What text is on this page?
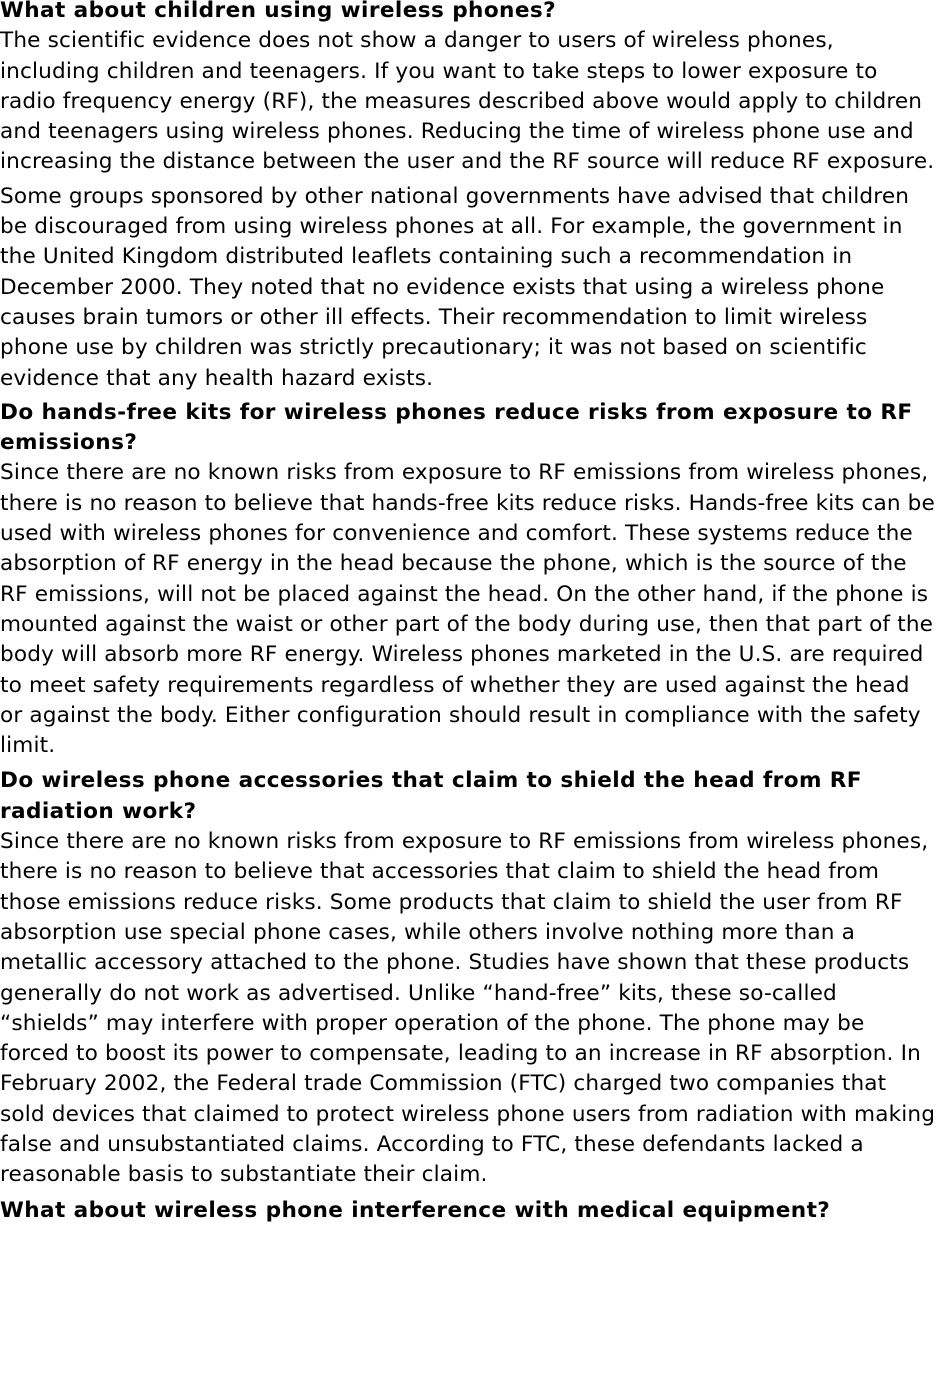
What about children using wireless phones?

The scientific evidence does not show a danger to users of wireless phones, including children and teenagers. If you want to take steps to lower exposure to radio frequency energy (RF), the measures described above would apply to children and teenagers using wireless phones. Reducing the time of wireless phone use and increasing the distance between the user and the RF source will reduce RF exposure.

Some groups sponsored by other national governments have advised that children be discouraged from using wireless phones at all. For example, the government in the United Kingdom distributed leaflets containing such a recommendation in December 2000. They noted that no evidence exists that using a wireless phone causes brain tumors or other ill effects. Their recommendation to limit wireless phone use by children was strictly precautionary; it was not based on scientific evidence that any health hazard exists.

Do hands-free kits for wireless phones reduce risks from exposure to RF emissions?

Since there are no known risks from exposure to RF emissions from wireless phones, there is no reason to believe that hands-free kits reduce risks. Hands-free kits can be used with wireless phones for convenience and comfort. These systems reduce the absorption of RF energy in the head because the phone, which is the source of the RF emissions, will not be placed against the head. On the other hand, if the phone is mounted against the waist or other part of the body during use, then that part of the body will absorb more RF energy. Wireless phones marketed in the U.S. are required to meet safety requirements regardless of whether they are used against the head or against the body. Either configuration should result in compliance with the safety limit.

Do wireless phone accessories that claim to shield the head from RF radiation work?

Since there are no known risks from exposure to RF emissions from wireless phones, there is no reason to believe that accessories that claim to shield the head from those emissions reduce risks. Some products that claim to shield the user from RF absorption use special phone cases, while others involve nothing more than a metallic accessory attached to the phone. Studies have shown that these products generally do not work as advertised. Unlike “hand-free” kits, these so-called “shields” may interfere with proper operation of the phone. The phone may be forced to boost its power to compensate, leading to an increase in RF absorption. In February 2002, the Federal trade Commission (FTC) charged two companies that sold devices that claimed to protect wireless phone users from radiation with making false and unsubstantiated claims. According to FTC, these defendants lacked a reasonable basis to substantiate their claim.

What about wireless phone interference with medical equipment?
